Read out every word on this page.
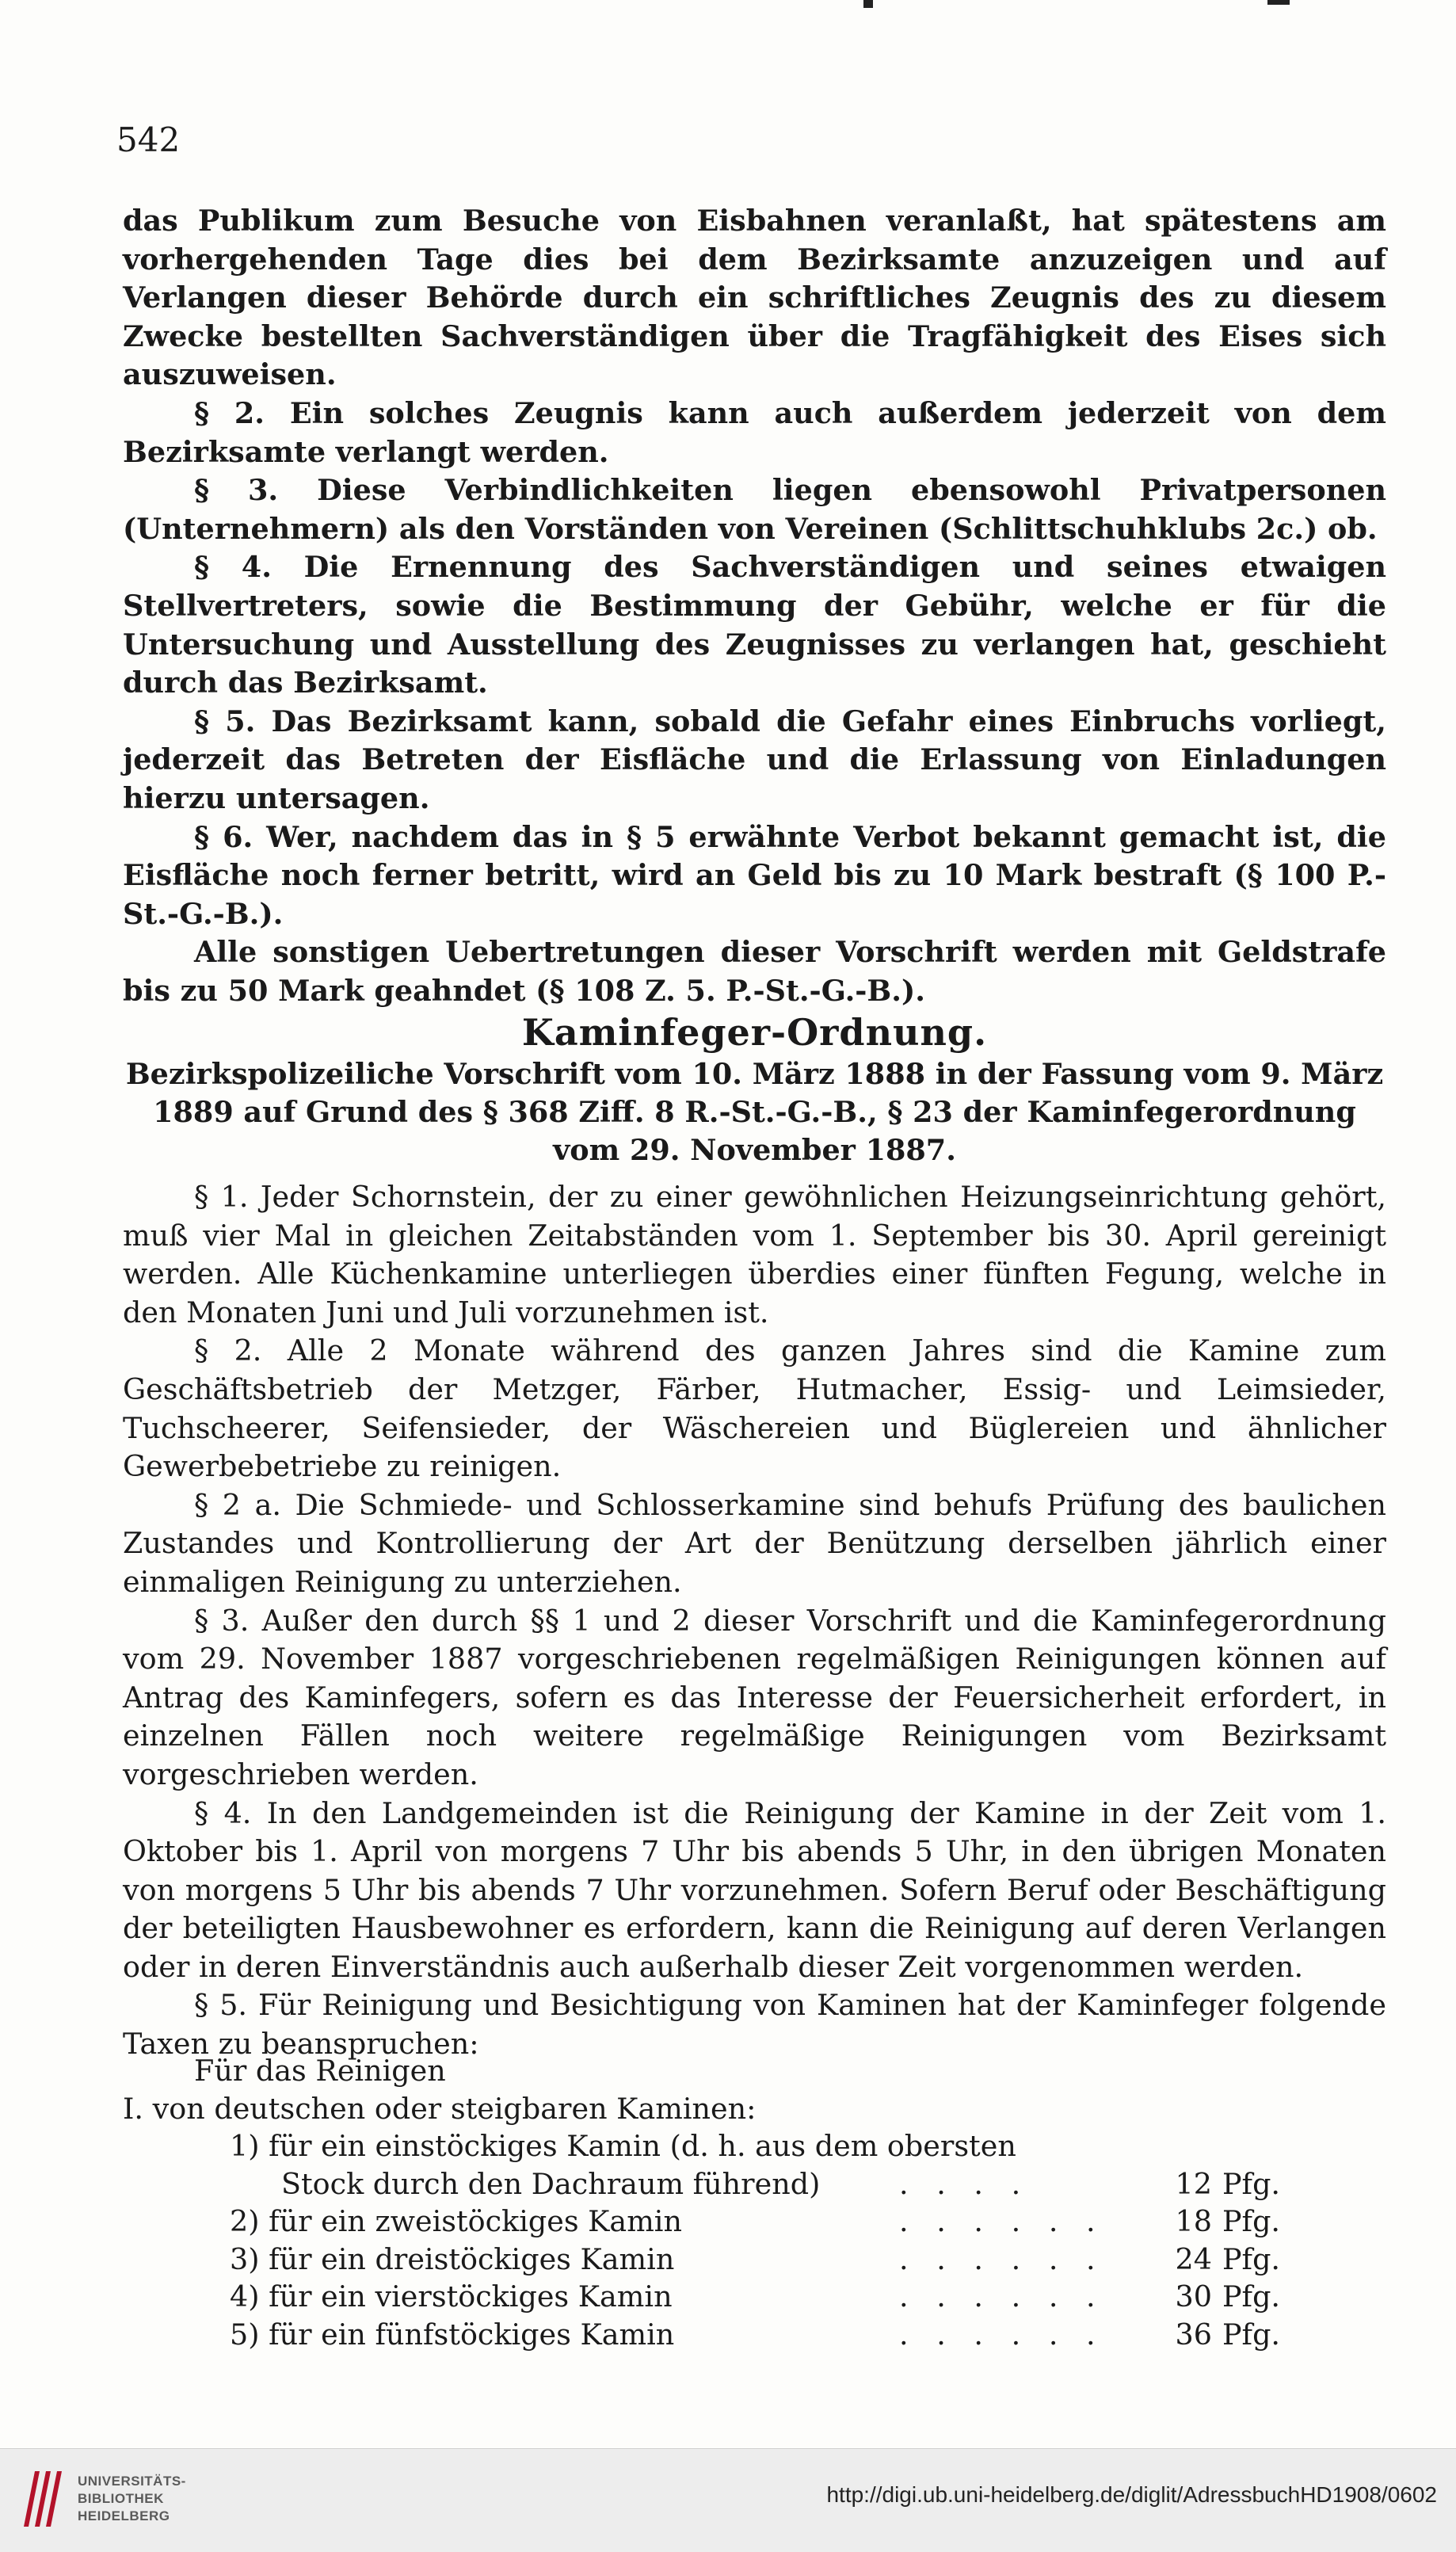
542

das Publikum zum Besuche von Eisbahnen veranlaßt, hat spätestens am vorhergehenden Tage dies bei dem Bezirksamte anzuzeigen und auf Verlangen dieser Behörde durch ein schriftliches Zeugnis des zu diesem Zwecke bestellten Sachverständigen über die Tragfähigkeit des Eises sich auszuweisen.

§ 2. Ein solches Zeugnis kann auch außerdem jederzeit von dem Bezirksamte verlangt werden.

§ 3. Diese Verbindlichkeiten liegen ebensowohl Privatpersonen (Unternehmern) als den Vorständen von Vereinen (Schlittschuhklubs 2c.) ob.

§ 4. Die Ernennung des Sachverständigen und seines etwaigen Stellvertreters, sowie die Bestimmung der Gebühr, welche er für die Untersuchung und Ausstellung des Zeugnisses zu verlangen hat, geschieht durch das Bezirksamt.

§ 5. Das Bezirksamt kann, sobald die Gefahr eines Einbruchs vorliegt, jederzeit das Betreten der Eisfläche und die Erlassung von Einladungen hierzu untersagen.

§ 6. Wer, nachdem das in § 5 erwähnte Verbot bekannt gemacht ist, die Eisfläche noch ferner betritt, wird an Geld bis zu 10 Mark bestraft (§ 100 P.-St.-G.-B.).

Alle sonstigen Uebertretungen dieser Vorschrift werden mit Geldstrafe bis zu 50 Mark geahndet (§ 108 Z. 5. P.-St.-G.-B.).

Kaminfeger-Ordnung.
Bezirkspolizeiliche Vorschrift vom 10. März 1888 in der Fassung vom 9. März 1889 auf Grund des § 368 Ziff. 8 R.-St.-G.-B., § 23 der Kaminfegerordnung vom 29. November 1887.

§ 1. Jeder Schornstein, der zu einer gewöhnlichen Heizungseinrichtung gehört, muß vier Mal in gleichen Zeitabständen vom 1. September bis 30. April gereinigt werden. Alle Küchenkamine unterliegen überdies einer fünften Fegung, welche in den Monaten Juni und Juli vorzunehmen ist.

§ 2. Alle 2 Monate während des ganzen Jahres sind die Kamine zum Geschäftsbetrieb der Metzger, Färber, Hutmacher, Essig- und Leimsieder, Tuchscheerer, Seifensieder, der Wäschereien und Büglereien und ähnlicher Gewerbebetriebe zu reinigen.

§ 2 a. Die Schmiede- und Schlosserkamine sind behufs Prüfung des baulichen Zustandes und Kontrollierung der Art der Benützung derselben jährlich einer einmaligen Reinigung zu unterziehen.

§ 3. Außer den durch §§ 1 und 2 dieser Vorschrift und die Kaminfegerordnung vom 29. November 1887 vorgeschriebenen regelmäßigen Reinigungen können auf Antrag des Kaminfegers, sofern es das Interesse der Feuersicherheit erfordert, in einzelnen Fällen noch weitere regelmäßige Reinigungen vom Bezirksamt vorgeschrieben werden.

§ 4. In den Landgemeinden ist die Reinigung der Kamine in der Zeit vom 1. Oktober bis 1. April von morgens 7 Uhr bis abends 5 Uhr, in den übrigen Monaten von morgens 5 Uhr bis abends 7 Uhr vorzunehmen. Sofern Beruf oder Beschäftigung der beteiligten Hausbewohner es erfordern, kann die Reinigung auf deren Verlangen oder in deren Einverständnis auch außerhalb dieser Zeit vorgenommen werden.

§ 5. Für Reinigung und Besichtigung von Kaminen hat der Kaminfeger folgende Taxen zu beanspruchen:

Für das Reinigen
I. von deutschen oder steigbaren Kaminen:
1) für ein einstöckiges Kamin (d. h. aus dem obersten
Stock durch den Dachraum führend)	. . . .	12 Pfg.
2) für ein zweistöckiges Kamin	. . . . . .	18 Pfg.
3) für ein dreistöckiges Kamin	. . . . . .	24 Pfg.
4) für ein vierstöckiges Kamin	. . . . . .	30 Pfg.
5) für ein fünfstöckiges Kamin	. . . . . .	36 Pfg.
UNIVERSITÄTS-
BIBLIOTHEK
HEIDELBERG
http://digi.ub.uni-heidelberg.de/diglit/AdressbuchHD1908/0602
